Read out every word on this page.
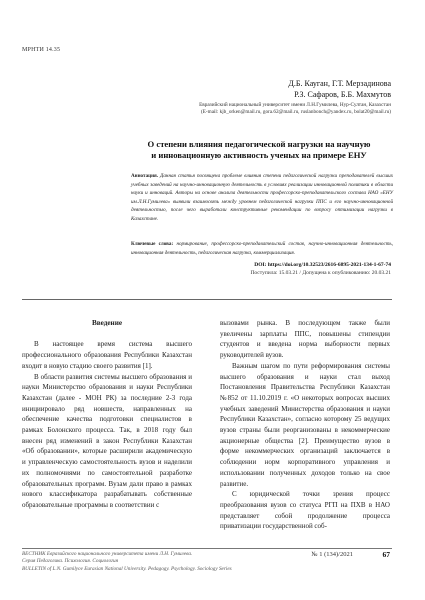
МРНТИ 14.35
Д.Б. Кауган, Г.Т. Мерзадинова
Р.З. Сафаров, Б.Б. Махмутов
Евразийский национальный университет имени Л.Н.Гумилева, Нур-Султан, Казахстан
(E-mail: kjb_orken@mail.ru, gora.62@mail.ru, ruslanbonch@yandex.ru, bolat20@mail.ru)
О степени влияния педагогической нагрузки на научную
и инновационную активность ученых на примере ЕНУ
Аннотация. Данная статья посвящена проблеме влияния степени педагогической нагрузки преподавателей высших учебных заведений на научно-инновационную деятельность в условиях реализации инновационной политики в области науки и инноваций. Авторы на основе анализа деятельности профессорско-преподавательского состава НАО «ЕНУ им.Л.Н.Гумилева» выявили взаимосвязь между уровнем педагогической нагрузки ППС и его научно-инновационной деятельностью, после чего выработали конструктивные рекомендации по вопросу оптимизации нагрузки в Казахстане.
Ключевые слова: нормирование, профессорско-преподавательский состав, научно-инновационная деятельность, инновационная деятельность, педагогическая нагрузка, коммерциализация.
DOI: https://doi.org/10.32523/2616-6895-2021-134-1-67-74
Поступила: 15.03.21 / Допущена к опубликованию: 20.03.21
Введение

В настоящее время система высшего профессионального образования Республики Казахстан входит в новую стадию своего развития [1].

В области развития системы высшего образования и науки Министерство образования и науки Республики Казахстан (далее - МОН РК) за последние 2-3 года инициировало ряд новшеств, направленных на обеспечение качества подготовки специалистов в рамках Болонского процесса. Так, в 2018 году был внесен ряд изменений в закон Республики Казахстан «Об образовании», которые расширили академическую и управленческую самостоятельность вузов и наделили их полномочиями по самостоятельной разработке образовательных программ. Вузам дали право в рамках нового классификатора разрабатывать собственные образовательные программы в соответствии с

вызовами рынка. В последующем также были увеличены зарплаты ППС, повышены стипендии студентов и введена норма выборности первых руководителей вузов.

Важным шагом по пути реформирования системы высшего образования и науки стал выход Постановления Правительства Республики Казахстан №852 от 11.10.2019 г. «О некоторых вопросах высших учебных заведений Министерства образования и науки Республики Казахстан», согласно которому 25 ведущих вузов страны были реорганизованы в некоммерческие акционерные общества [2]. Преимущество вузов в форме некоммерческих организаций заключается в соблюдении норм корпоративного управления и использовании полученных доходов только на свое развитие.

С юридической точки зрения процесс преобразования вузов со статуса РГП на ПХВ в НАО представляет собой продолжение процесса приватизации государственной соб-

ВЕСТНИК Евразийского национального университета имени Л.Н. Гумилева.
Серия Педагогика. Психология. Социология
BULLETIN of L.N. Gumilyov Eurasian National University. Pedagogy. Psychology. Sociology Series
№ 1 (134)/2021	67
